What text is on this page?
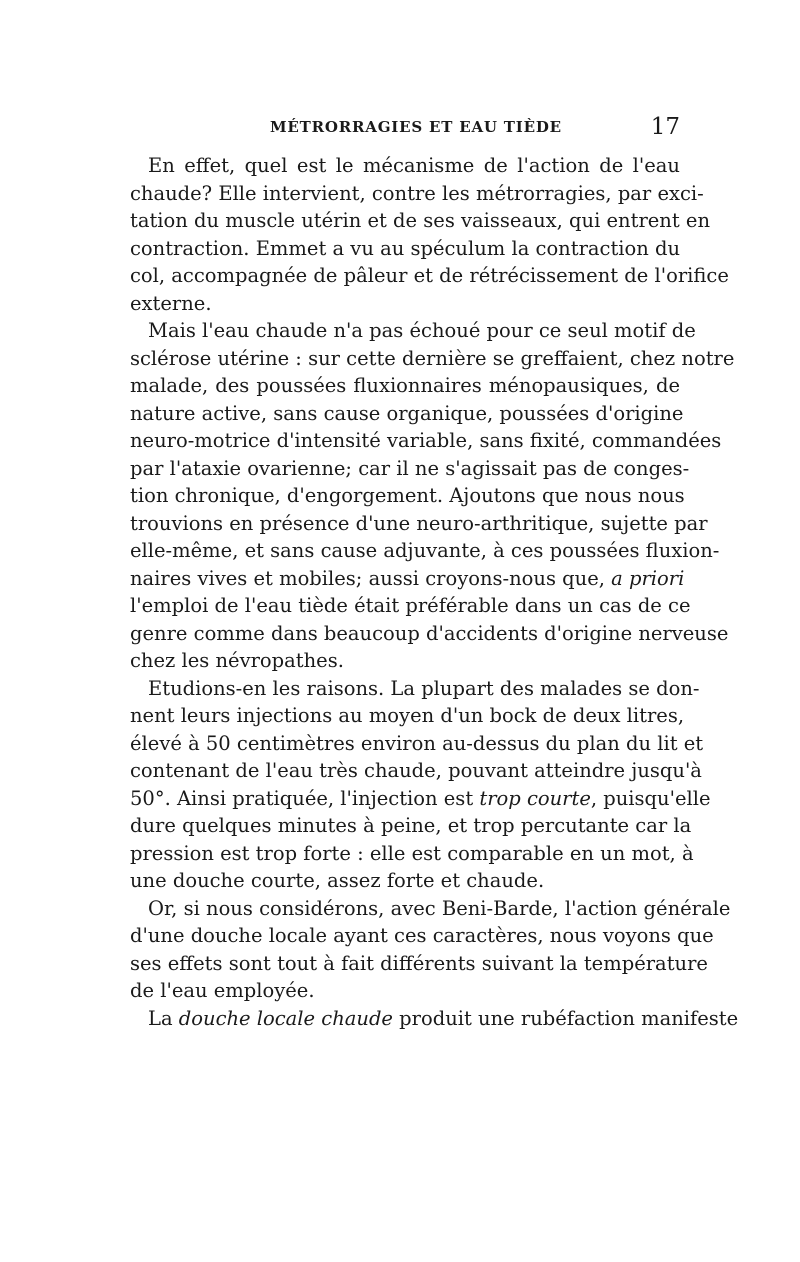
MÉTRORRAGIES ET EAU TIÈDE	17
En effet, quel est le mécanisme de l'action de l'eau
chaude? Elle intervient, contre les métrorragies, par exci-
tation du muscle utérin et de ses vaisseaux, qui entrent en
contraction. Emmet a vu au spéculum la contraction du
col, accompagnée de pâleur et de rétrécissement de l'orifice
externe.
Mais l'eau chaude n'a pas échoué pour ce seul motif de
sclérose utérine : sur cette dernière se greffaient, chez notre
malade, des poussées fluxionnaires ménopausiques, de
nature active, sans cause organique, poussées d'origine
neuro-motrice d'intensité variable, sans fixité, commandées
par l'ataxie ovarienne; car il ne s'agissait pas de conges-
tion chronique, d'engorgement. Ajoutons que nous nous
trouvions en présence d'une neuro-arthritique, sujette par
elle-même, et sans cause adjuvante, à ces poussées fluxion-
naires vives et mobiles; aussi croyons-nous que, a priori
l'emploi de l'eau tiède était préférable dans un cas de ce
genre comme dans beaucoup d'accidents d'origine nerveuse
chez les névropathes.
Etudions-en les raisons. La plupart des malades se don-
nent leurs injections au moyen d'un bock de deux litres,
élevé à 50 centimètres environ au-dessus du plan du lit et
contenant de l'eau très chaude, pouvant atteindre jusqu'à
50°. Ainsi pratiquée, l'injection est trop courte, puisqu'elle
dure quelques minutes à peine, et trop percutante car la
pression est trop forte : elle est comparable en un mot, à
une douche courte, assez forte et chaude.
Or, si nous considérons, avec Beni-Barde, l'action générale
d'une douche locale ayant ces caractères, nous voyons que
ses effets sont tout à fait différents suivant la température
de l'eau employée.
La douche locale chaude produit une rubéfaction manifeste
